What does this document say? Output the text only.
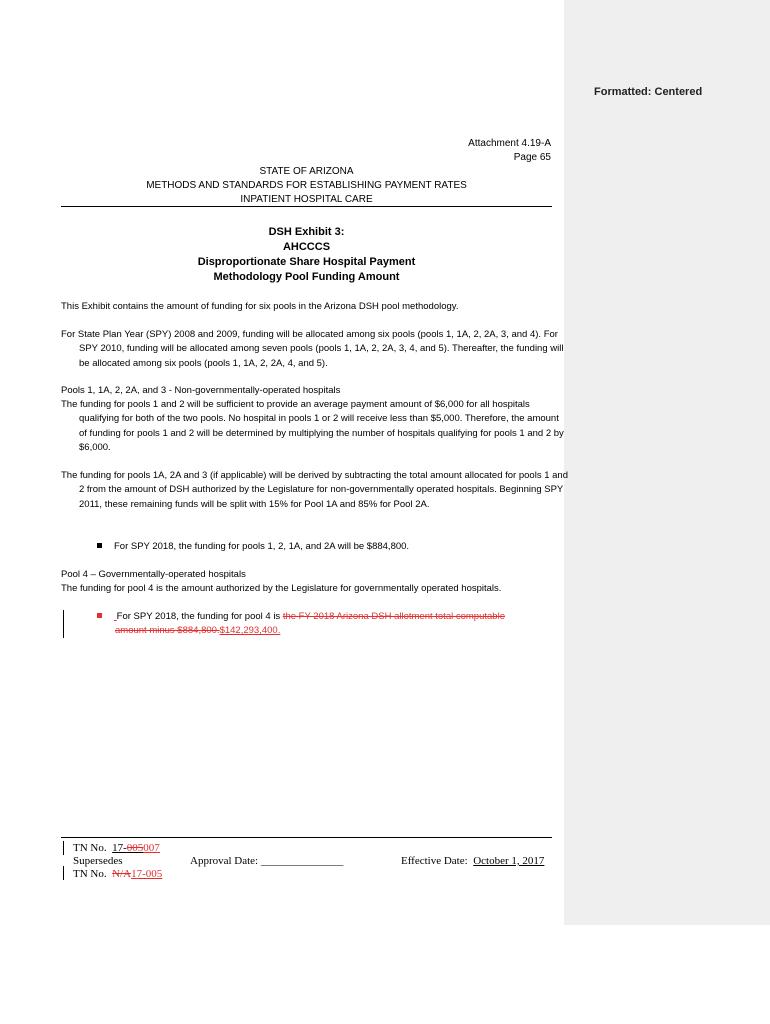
Formatted: Centered
Attachment 4.19-A
Page 65
STATE OF ARIZONA
METHODS AND STANDARDS FOR ESTABLISHING PAYMENT RATES
INPATIENT HOSPITAL CARE
DSH Exhibit 3:
AHCCCS
Disproportionate Share Hospital Payment
Methodology Pool Funding Amount
This Exhibit contains the amount of funding for six pools in the Arizona DSH pool methodology.
For State Plan Year (SPY) 2008 and 2009, funding will be allocated among six pools (pools 1, 1A, 2, 2A, 3, and 4). For SPY 2010, funding will be allocated among seven pools (pools 1, 1A, 2, 2A, 3, 4, and 5). Thereafter, the funding will be allocated among six pools (pools 1, 1A, 2, 2A, 4, and 5).
Pools 1, 1A, 2, 2A, and 3 - Non-governmentally-operated hospitals
The funding for pools 1 and 2 will be sufficient to provide an average payment amount of $6,000 for all hospitals qualifying for both of the two pools. No hospital in pools 1 or 2 will receive less than $5,000. Therefore, the amount of funding for pools 1 and 2 will be determined by multiplying the number of hospitals qualifying for pools 1 and 2 by $6,000.
The funding for pools 1A, 2A and 3 (if applicable) will be derived by subtracting the total amount allocated for pools 1 and 2 from the amount of DSH authorized by the Legislature for non-governmentally operated hospitals. Beginning SPY 2011, these remaining funds will be split with 15% for Pool 1A and 85% for Pool 2A.
For SPY 2018, the funding for pools 1, 2, 1A, and 2A will be $884,800.
Pool 4 – Governmentally-operated hospitals
The funding for pool 4 is the amount authorized by the Legislature for governmentally operated hospitals.
For SPY 2018, the funding for pool 4 is the FY 2018 Arizona DSH allotment total computable
amount minus $884,800.$142,293,400.
TN No. 17-005007
Supersedes	Approval Date: _______________	Effective Date: October 1, 2017
TN No. N/A17-005
